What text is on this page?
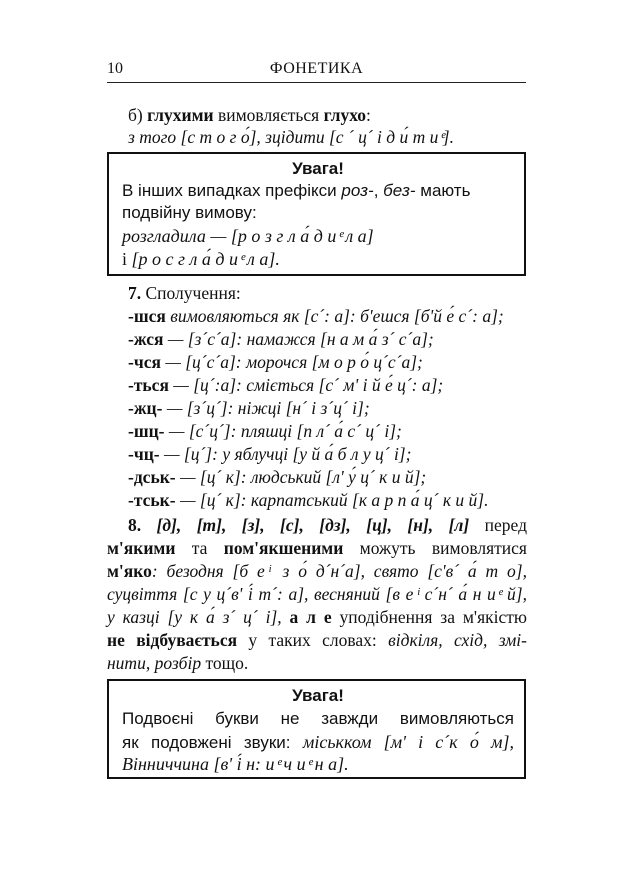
10	ФОНЕТИКА
б) глухими вимовляється глухо:
з того [с т о г о́], зцідити [с ´ ц´ і д и́ т и ͤ].
Увага!
В інших випадках префікси роз-, без- мають
подвійну вимову:
розгладила — [р о з г л а́ д и ͤ л а]
і [р о с г л а́ д и ͤ л а].
7. Сполучення:
-шся вимовляються як [с´: а]: б'ешся [б'й е́ с´: а];
-жся — [з´с´а]: намажся [н а м а́ з´ с´а];
-чся — [ц´с´а]: морочся [м о р о́ ц´с´а];
-ться — [ц´:а]: сміється [с´ м' і й е́ ц´: а];
-жц- — [з´ц´]: ніжці [н´ і з´ц´ і];
-шц- — [с´ц´]: пляшці [п л´ а́ с´ ц´ і];
-чц- — [ц´]: у яблучці [у й а́ б л у ц´ і];
-дськ- — [ц´ к]: людський [л' у́ ц´ к и й];
-тськ- — [ц´ к]: карпатський [к а р п а́ ц´ к и й].
8. [д], [т], [з], [с], [дз], [ц], [н], [л] перед
м'якими та пом'якшеними можуть вимовлятися
м'яко: безодня [б е ͥ з о́ д´н´а], свято [с'в´ а́ т о],
суцвіття [с у ц´в' і́ т´: а], весняний [в е ͥ с´н´ а́ н и ͤ й],
у казці [у к а́ з´ ц´ і], а л е уподібнення за м'якістю
не відбувається у таких словах: відкіля, схід, змі-
нити, розбір тощо.
Увага!
Подвоєні букви не завжди вимовляються
як подовжені звуки: міськком [м' і с´к о́ м],
Вінниччина [в' і́ н: и ͤ ч и ͤ н а].
